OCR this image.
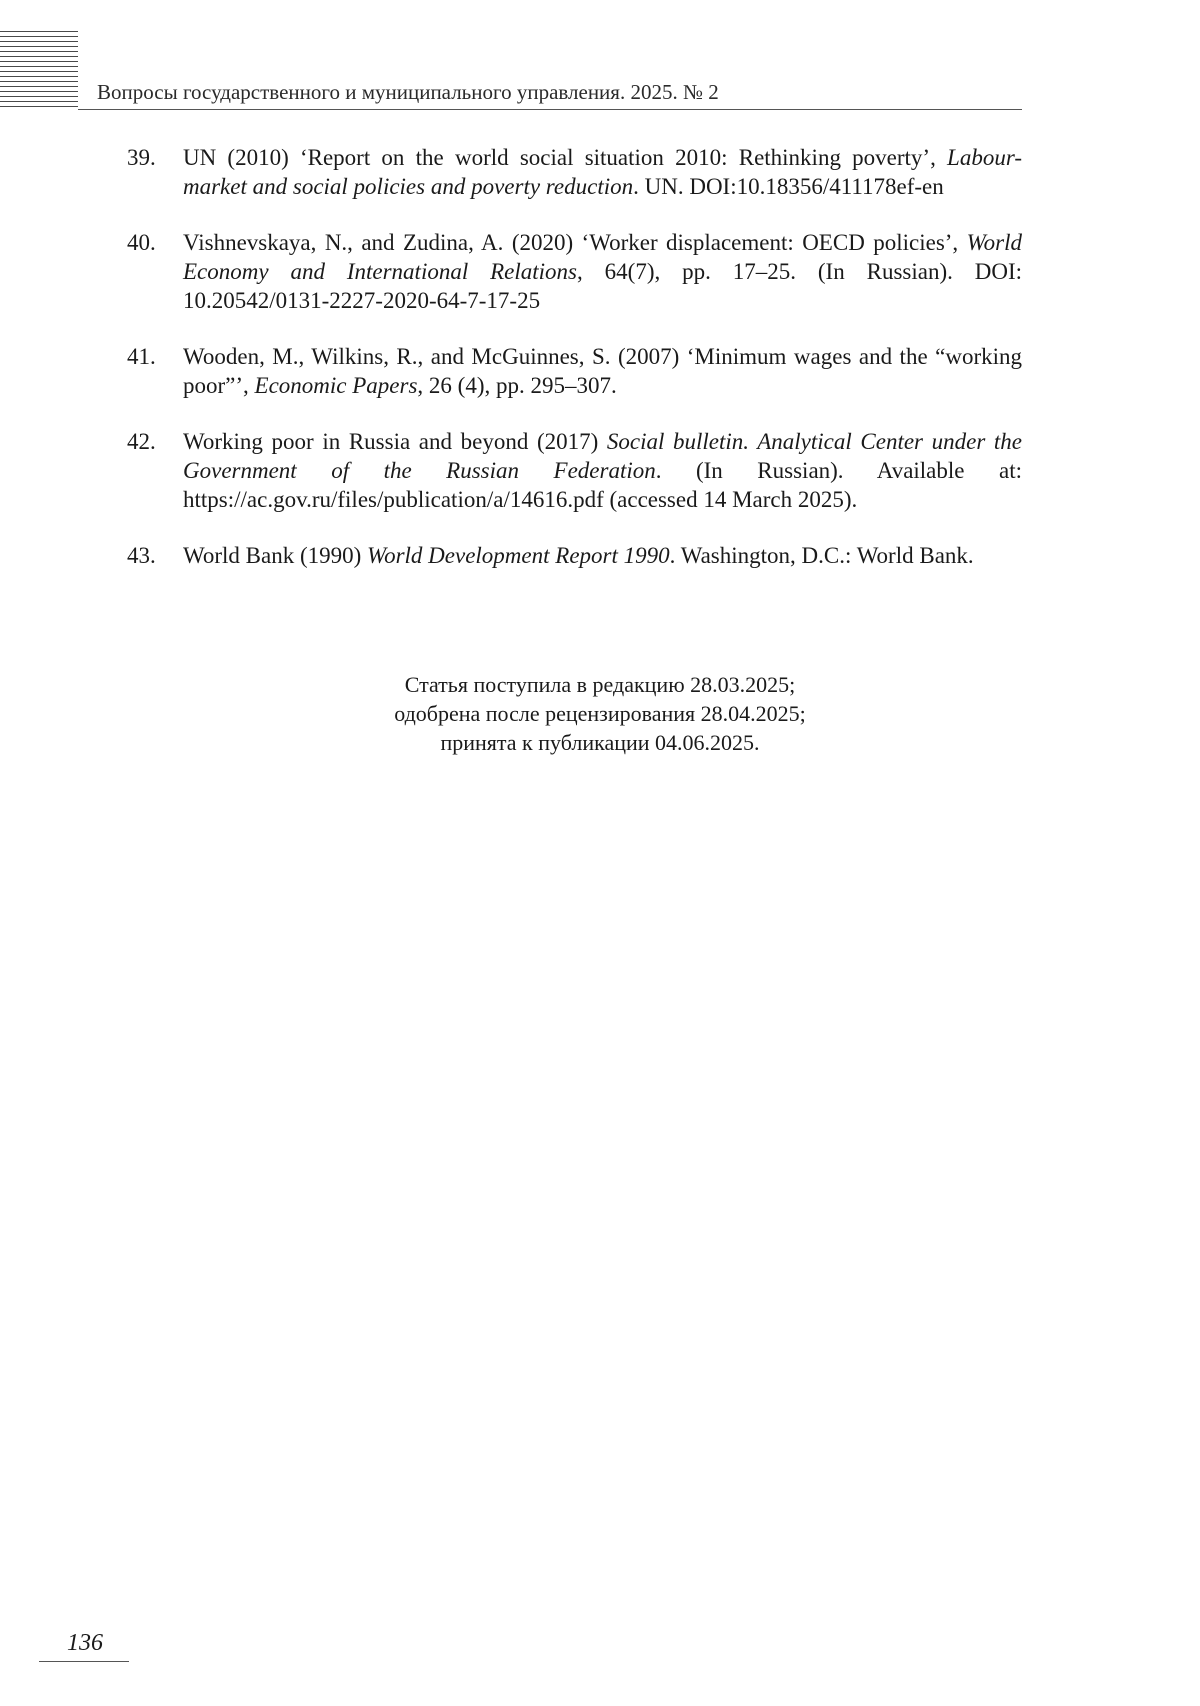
Вопросы государственного и муниципального управления. 2025. № 2
39.	UN (2010) ‘Report on the world social situation 2010: Rethinking poverty’, Labour-market and social policies and poverty reduction. UN. DOI:10.18356/411178ef-en
40.	Vishnevskaya, N., and Zudina, A. (2020) ‘Worker displacement: OECD policies’, World Economy and International Relations, 64(7), pp. 17–25. (In Russian). DOI: 10.20542/0131-2227-2020-64-7-17-25
41.	Wooden, M., Wilkins, R., and McGuinnes, S. (2007) ‘Minimum wages and the “working poor”’, Economic Papers, 26 (4), pp. 295–307.
42.	Working poor in Russia and beyond (2017) Social bulletin. Analytical Center under the Government of the Russian Federation. (In Russian). Available at: https://ac.gov.ru/files/publication/a/14616.pdf (accessed 14 March 2025).
43.	World Bank (1990) World Development Report 1990. Washington, D.C.: World Bank.
Статья поступила в редакцию 28.03.2025;
одобрена после рецензирования 28.04.2025;
принята к публикации 04.06.2025.
136
